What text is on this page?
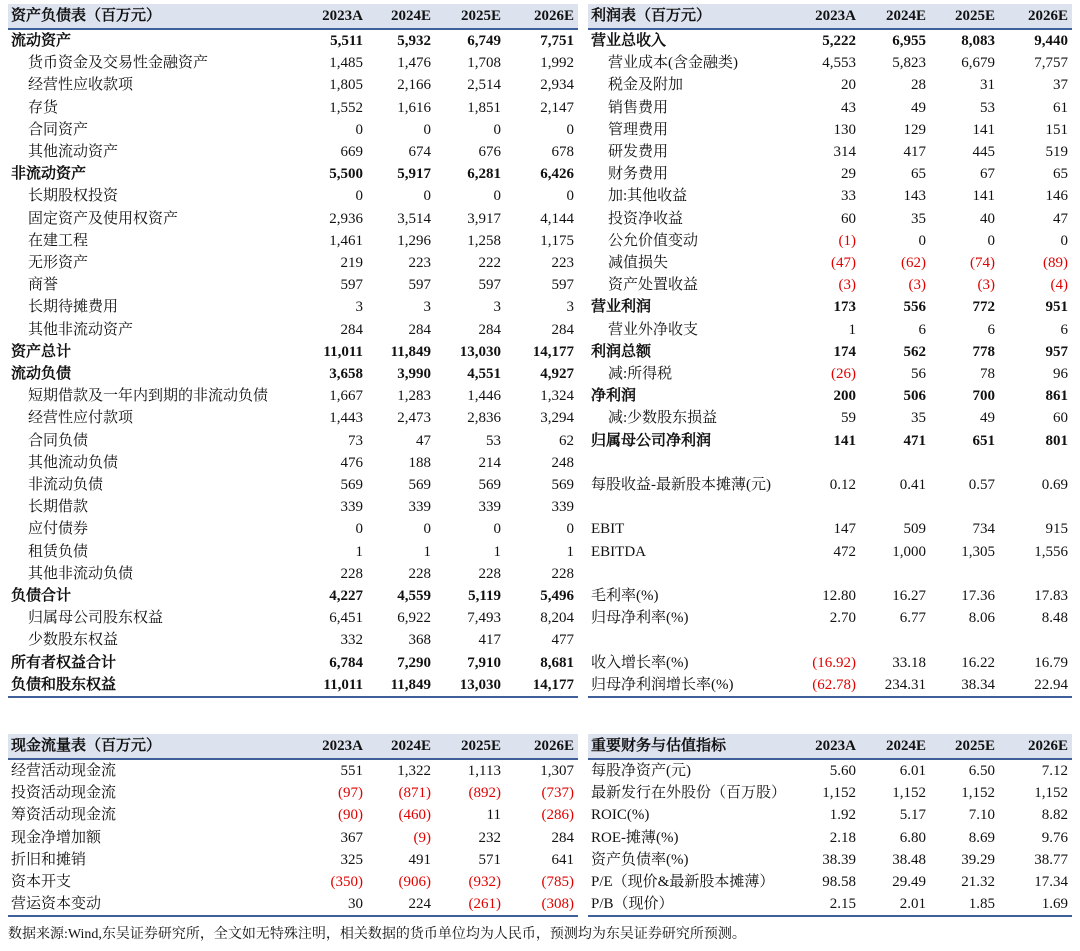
资产负债表（百万元）	2023A	2024E	2025E	2026E
流动资产	5,511	5,932	6,749	7,751
货币资金及交易性金融资产	1,485	1,476	1,708	1,992
经营性应收款项	1,805	2,166	2,514	2,934
存货	1,552	1,616	1,851	2,147
合同资产	0	0	0	0
其他流动资产	669	674	676	678
非流动资产	5,500	5,917	6,281	6,426
长期股权投资	0	0	0	0
固定资产及使用权资产	2,936	3,514	3,917	4,144
在建工程	1,461	1,296	1,258	1,175
无形资产	219	223	222	223
商誉	597	597	597	597
长期待摊费用	3	3	3	3
其他非流动资产	284	284	284	284
资产总计	11,011	11,849	13,030	14,177
流动负债	3,658	3,990	4,551	4,927
短期借款及一年内到期的非流动负债	1,667	1,283	1,446	1,324
经营性应付款项	1,443	2,473	2,836	3,294
合同负债	73	47	53	62
其他流动负债	476	188	214	248
非流动负债	569	569	569	569
长期借款	339	339	339	339
应付债券	0	0	0	0
租赁负债	1	1	1	1
其他非流动负债	228	228	228	228
负债合计	4,227	4,559	5,119	5,496
归属母公司股东权益	6,451	6,922	7,493	8,204
少数股东权益	332	368	417	477
所有者权益合计	6,784	7,290	7,910	8,681
负债和股东权益	11,011	11,849	13,030	14,177
利润表（百万元）	2023A	2024E	2025E	2026E
营业总收入	5,222	6,955	8,083	9,440
营业成本(含金融类)	4,553	5,823	6,679	7,757
税金及附加	20	28	31	37
销售费用	43	49	53	61
管理费用	130	129	141	151
研发费用	314	417	445	519
财务费用	29	65	67	65
加:其他收益	33	143	141	146
投资净收益	60	35	40	47
公允价值变动	(1)	0	0	0
减值损失	(47)	(62)	(74)	(89)
资产处置收益	(3)	(3)	(3)	(4)
营业利润	173	556	772	951
营业外净收支	1	6	6	6
利润总额	174	562	778	957
减:所得税	(26)	56	78	96
净利润	200	506	700	861
减:少数股东损益	59	35	49	60
归属母公司净利润	141	471	651	801

每股收益-最新股本摊薄(元)	0.12	0.41	0.57	0.69

EBIT	147	509	734	915
EBITDA	472	1,000	1,305	1,556

毛利率(%)	12.80	16.27	17.36	17.83
归母净利率(%)	2.70	6.77	8.06	8.48

收入增长率(%)	(16.92)	33.18	16.22	16.79
归母净利润增长率(%)	(62.78)	234.31	38.34	22.94
现金流量表（百万元）	2023A	2024E	2025E	2026E
经营活动现金流	551	1,322	1,113	1,307
投资活动现金流	(97)	(871)	(892)	(737)
筹资活动现金流	(90)	(460)	11	(286)
现金净增加额	367	(9)	232	284
折旧和摊销	325	491	571	641
资本开支	(350)	(906)	(932)	(785)
营运资本变动	30	224	(261)	(308)
重要财务与估值指标	2023A	2024E	2025E	2026E
每股净资产(元)	5.60	6.01	6.50	7.12
最新发行在外股份（百万股）	1,152	1,152	1,152	1,152
ROIC(%)	1.92	5.17	7.10	8.82
ROE-摊薄(%)	2.18	6.80	8.69	9.76
资产负债率(%)	38.39	38.48	39.29	38.77
P/E（现价&最新股本摊薄）	98.58	29.49	21.32	17.34
P/B（现价）	2.15	2.01	1.85	1.69
数据来源:Wind,东吴证券研究所，全文如无特殊注明，相关数据的货币单位均为人民币，预测均为东吴证券研究所预测。
